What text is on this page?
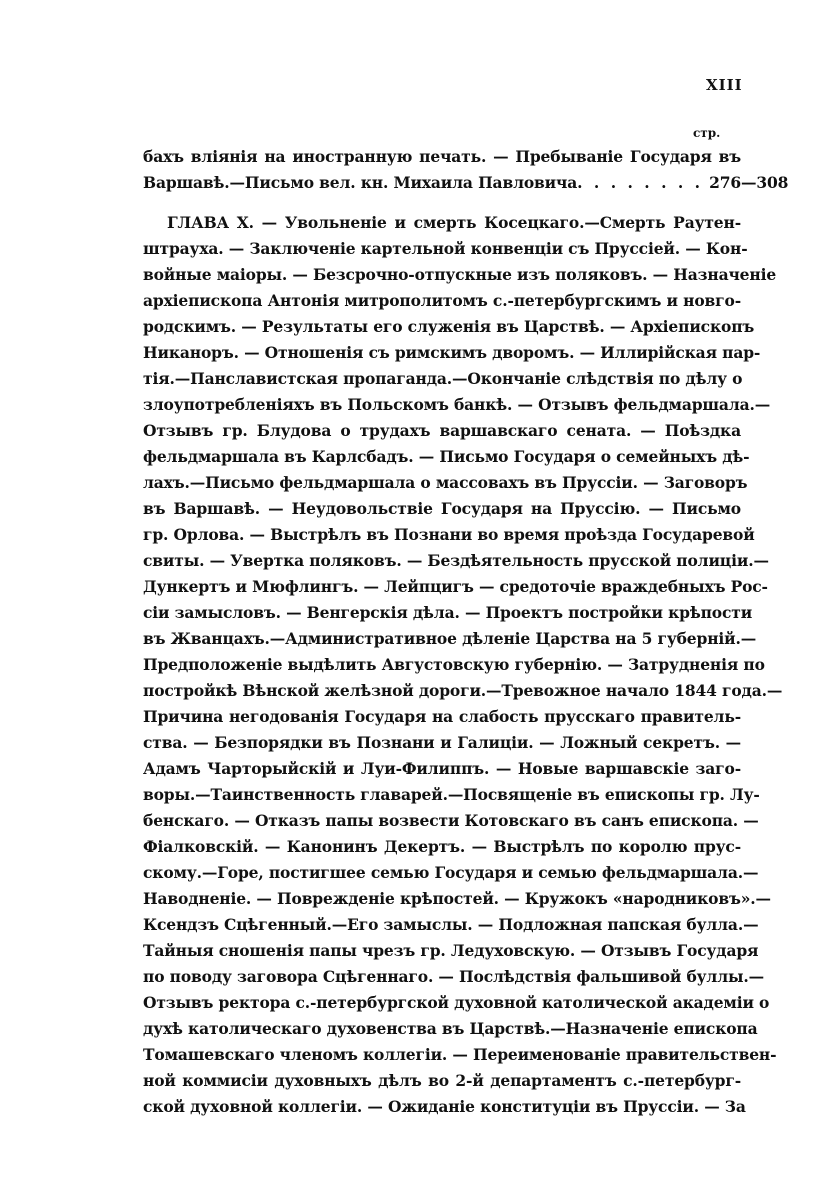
XIII
стр.
бахъ вліянія на иностранную печать. — Пребываніе Государя въ
Варшавѣ.—Письмо вел. кн. Михаила Павловича . . . . . . . . 276—308
ГЛАВА X. — Увольненіе и смерть Косецкаго.—Смерть Раутен-
штрауха. — Заключеніе картельной конвенціи съ Пруссіей. — Кон-
войные маіоры. — Безсрочно-отпускные изъ поляковъ. — Назначеніе
архіепископа Антонія митрополитомъ с.-петербургскимъ и новго-
родскимъ. — Результаты его служенія въ Царствѣ. — Архіепископъ
Никаноръ. — Отношенія съ римскимъ дворомъ. — Иллирійская пар-
тія.—Панславистская пропаганда.—Окончаніе слѣдствія по дѣлу о
злоупотребленіяхъ въ Польскомъ банкѣ. — Отзывъ фельдмаршала.—
Отзывъ гр. Блудова о трудахъ варшавскаго сената. — Поѣздка
фельдмаршала въ Карлсбадъ. — Письмо Государя о семейныхъ дѣ-
лахъ.—Письмо фельдмаршала о массовахъ въ Пруссіи. — Заговоръ
въ Варшавѣ. — Неудовольствіе Государя на Пруссію. — Письмо
гр. Орлова. — Выстрѣлъ въ Познани во время проѣзда Государевой
свиты. — Увертка поляковъ. — Бездѣятельность прусской полиціи.—
Дункертъ и Мюфлингъ. — Лейпцигъ — средоточіе враждебныхъ Рос-
сіи замысловъ. — Венгерскія дѣла. — Проектъ постройки крѣпости
въ Жванцахъ.—Административное дѣленіе Царства на 5 губерній.—
Предположеніе выдѣлить Августовскую губернію. — Затрудненія по
постройкѣ Вѣнской желѣзной дороги.—Тревожное начало 1844 года.—
Причина негодованія Государя на слабость прусскаго правитель-
ства. — Безпорядки въ Познани и Галиціи. — Ложный секретъ. —
Адамъ Чарторыйскій и Луи-Филиппъ. — Новые варшавскіе заго-
воры.—Таинственность главарей.—Посвященіе въ епископы гр. Лу-
бенскаго. — Отказъ папы возвести Котовскаго въ санъ епископа. —
Фіалковскій. — Канонинъ Декертъ. — Выстрѣлъ по королю прус-
скому.—Горе, постигшее семью Государя и семью фельдмаршала.—
Наводненіе. — Поврежденіе крѣпостей. — Кружокъ «народниковъ».—
Ксендзъ Сцѣгенный.—Его замыслы. — Подложная папская булла.—
Тайныя сношенія папы чрезъ гр. Ледуховскую. — Отзывъ Государя
по поводу заговора Сцѣгеннаго. — Послѣдствія фальшивой буллы.—
Отзывъ ректора с.-петербургской духовной католической академіи о
духѣ католическаго духовенства въ Царствѣ.—Назначеніе епископа
Томашевскаго членомъ коллегіи. — Переименованіе правительствен-
ной коммисіи духовныхъ дѣлъ во 2-й департаментъ с.-петербург-
ской духовной коллегіи. — Ожиданіе конституціи въ Пруссіи. — За
